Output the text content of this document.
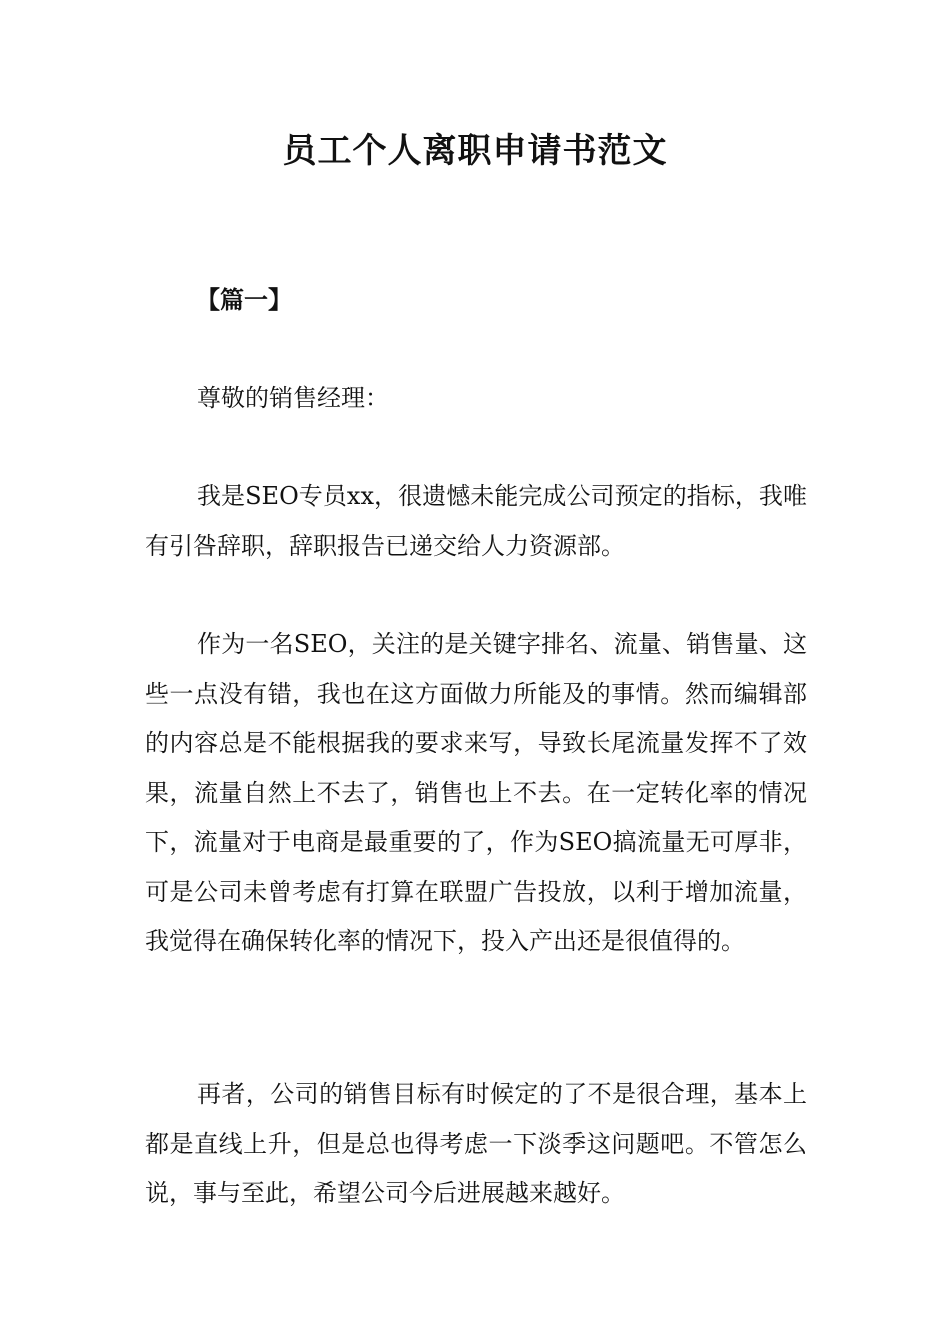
员工个人离职申请书范文
【篇一】

尊敬的销售经理：

我是SEO专员xx，很遗憾未能完成公司预定的指标，我唯有引咎辞职，辞职报告已递交给人力资源部。

作为一名SEO，关注的是关键字排名、流量、销售量、这些一点没有错，我也在这方面做力所能及的事情。然而编辑部的内容总是不能根据我的要求来写，导致长尾流量发挥不了效果，流量自然上不去了，销售也上不去。在一定转化率的情况下，流量对于电商是最重要的了，作为SEO搞流量无可厚非，可是公司未曾考虑有打算在联盟广告投放，以利于增加流量，我觉得在确保转化率的情况下，投入产出还是很值得的。

再者，公司的销售目标有时候定的了不是很合理，基本上都是直线上升，但是总也得考虑一下淡季这问题吧。不管怎么说，事与至此，希望公司今后进展越来越好。
